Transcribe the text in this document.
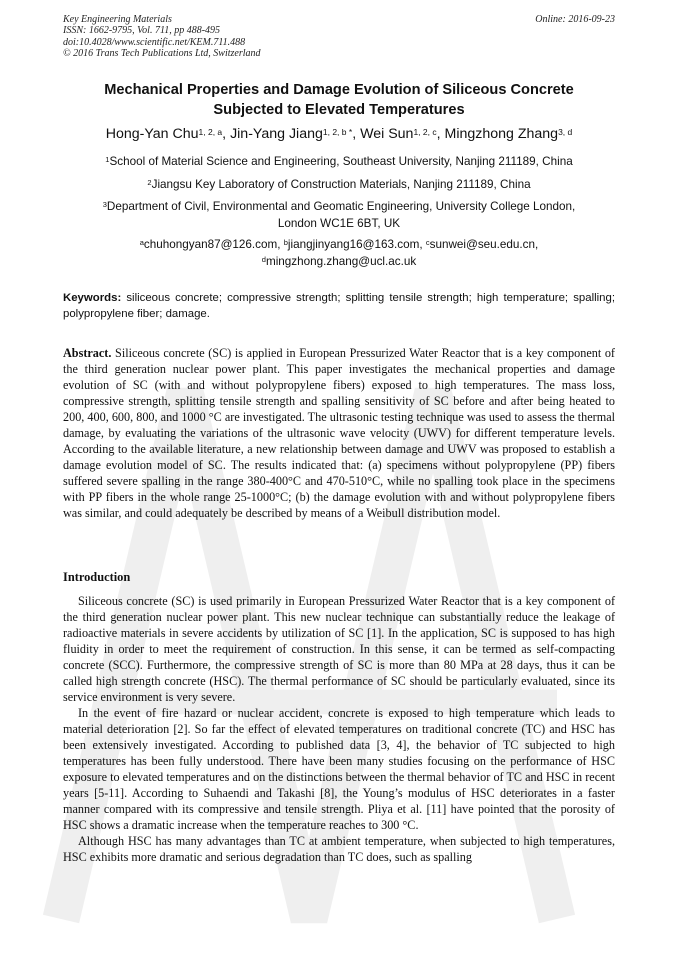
Key Engineering Materials
ISSN: 1662-9795, Vol. 711, pp 488-495
doi:10.4028/www.scientific.net/KEM.711.488
© 2016 Trans Tech Publications Ltd, Switzerland
Online: 2016-09-23
Mechanical Properties and Damage Evolution of Siliceous Concrete
Subjected to Elevated Temperatures
Hong-Yan Chu$^{1, 2, a}$, Jin-Yang Jiang$^{1, 2, b *}$, Wei Sun$^{1, 2, c}$, Mingzhong Zhang$^{3, d}$
$^1$School of Material Science and Engineering, Southeast University, Nanjing 211189, China
$^2$Jiangsu Key Laboratory of Construction Materials, Nanjing 211189, China
$^3$Department of Civil, Environmental and Geomatic Engineering, University College London,
London WC1E 6BT, UK
$^a$chuhongyan87@126.com, $^b$jiangjinyang16@163.com, $^c$sunwei@seu.edu.cn,
$^d$mingzhong.zhang@ucl.ac.uk
Keywords: siliceous concrete; compressive strength; splitting tensile strength; high temperature; spalling; polypropylene fiber; damage.
Abstract. Siliceous concrete (SC) is applied in European Pressurized Water Reactor that is a key component of the third generation nuclear power plant. This paper investigates the mechanical properties and damage evolution of SC (with and without polypropylene fibers) exposed to high temperatures. The mass loss, compressive strength, splitting tensile strength and spalling sensitivity of SC before and after being heated to 200, 400, 600, 800, and 1000 °C are investigated. The ultrasonic testing technique was used to assess the thermal damage, by evaluating the variations of the ultrasonic wave velocity (UWV) for different temperature levels. According to the available literature, a new relationship between damage and UWV was proposed to establish a damage evolution model of SC. The results indicated that: (a) specimens without polypropylene (PP) fibers suffered severe spalling in the range 380-400°C and 470-510°C, while no spalling took place in the specimens with PP fibers in the whole range 25-1000°C; (b) the damage evolution with and without polypropylene fibers was similar, and could adequately be described by means of a Weibull distribution model.
Introduction

Siliceous concrete (SC) is used primarily in European Pressurized Water Reactor that is a key component of the third generation nuclear power plant. This new nuclear technique can substantially reduce the leakage of radioactive materials in severe accidents by utilization of SC [1]. In the application, SC is supposed to has high fluidity in order to meet the requirement of construction. In this sense, it can be termed as self-compacting concrete (SCC). Furthermore, the compressive strength of SC is more than 80 MPa at 28 days, thus it can be called high strength concrete (HSC). The thermal performance of SC should be particularly evaluated, since its service environment is very severe.

In the event of fire hazard or nuclear accident, concrete is exposed to high temperature which leads to material deterioration [2]. So far the effect of elevated temperatures on traditional concrete (TC) and HSC has been extensively investigated. According to published data [3, 4], the behavior of TC subjected to high temperatures has been fully understood. There have been many studies focusing on the performance of HSC exposure to elevated temperatures and on the distinctions between the thermal behavior of TC and HSC in recent years [5-11]. According to Suhaendi and Takashi [8], the Young’s modulus of HSC deteriorates in a faster manner compared with its compressive and tensile strength. Pliya et al. [11] have pointed that the porosity of HSC shows a dramatic increase when the temperature reaches to 300 °C.

Although HSC has many advantages than TC at ambient temperature, when subjected to high temperatures, HSC exhibits more dramatic and serious degradation than TC does, such as spalling
